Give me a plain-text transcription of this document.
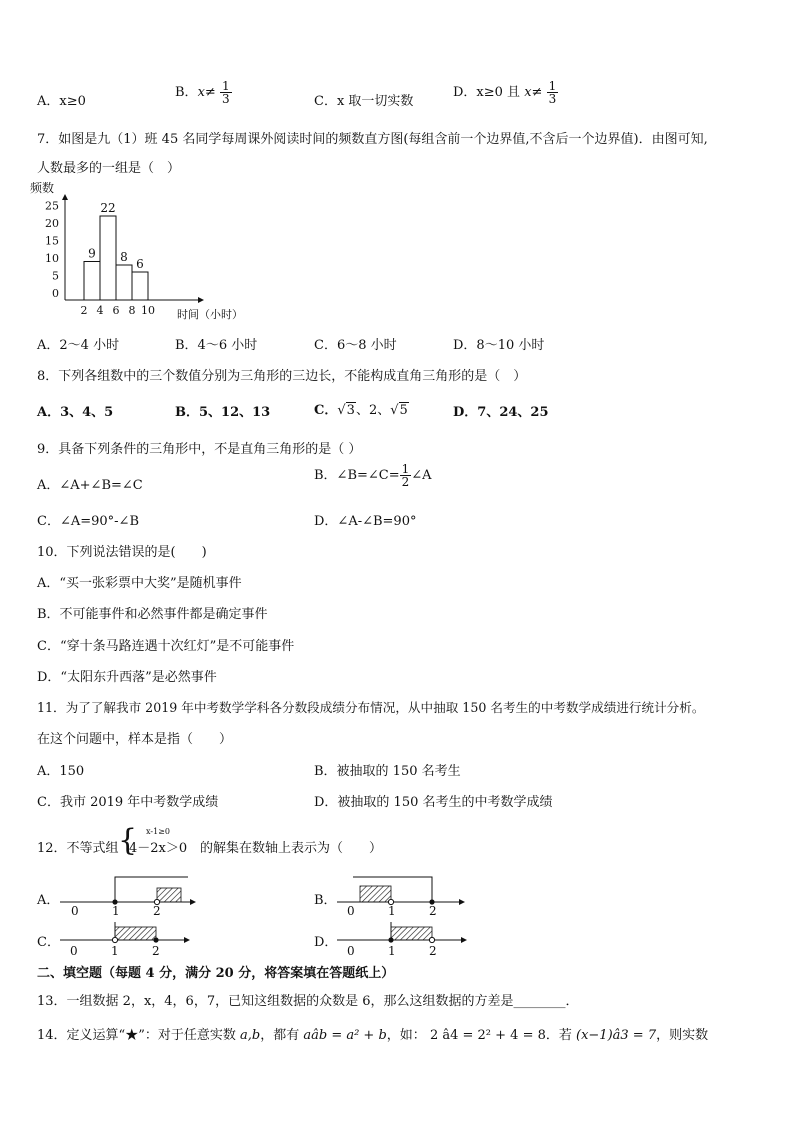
A．x≥0
B．$x\ne \frac{1}{3}$	C．x 取一切实数
D．x≥0 且 $x\ne \frac{1}{3}$
7．如图是九（1）班 45 名同学每周课外阅读时间的频数直方图(每组含前一个边界值,不含后一个边界值)．由图可知,
人数最多的一组是（　）
频数
时间（小时）
0
5
10
15
20
25
2 4 6 8 10
9
22
8 6
A．2～4 小时	B．4～6 小时	C．6～8 小时	D．8～10 小时
8．下列各组数中的三个数值分别为三角形的三边长，不能构成直角三角形的是（　）
A．3、4、5	B．5、12、13	C．√3、2、√5	D．7、24、25
9．具备下列条件的三角形中，不是直角三角形的是（ ）
A．∠A+∠B=∠C
B．∠B=∠C= $\frac{1}{2}$ ∠A
C．∠A=90°-∠B	D．∠A-∠B=90°
10．下列说法错误的是(　　)
A．“买一张彩票中大奖”是随机事件
B．不可能事件和必然事件都是确定事件
C．“穿十条马路连遇十次红灯”是不可能事件
D．“太阳东升西落”是必然事件
11．为了了解我市 2019 年中考数学学科各分数段成绩分布情况，从中抽取 150 名考生的中考数学成绩进行统计分析。
在这个问题中，样本是指（　　）
A．150	B．被抽取的 150 名考生
C．我市 2019 年中考数学成绩	D．被抽取的 150 名考生的中考数学成绩
12．不等式组 { x-1≥0
4－2x＞0 的解集在数轴上表示为（　　）
A．	B．
C．	D．
0	1	2	0	1	2
0	1	2	0	1	2
二、填空题（每题 4 分，满分 20 分，将答案填在答题纸上）
13．一组数据 2，x，4，6，7，已知这组数据的众数是 6，那么这组数据的方差是________．
14．定义运算“★”：对于任意实数 a,b，都有 aâb = a² + b，如： 2 â4 = 2² + 4 = 8．若 (x−1)â3 = 7，则实数
